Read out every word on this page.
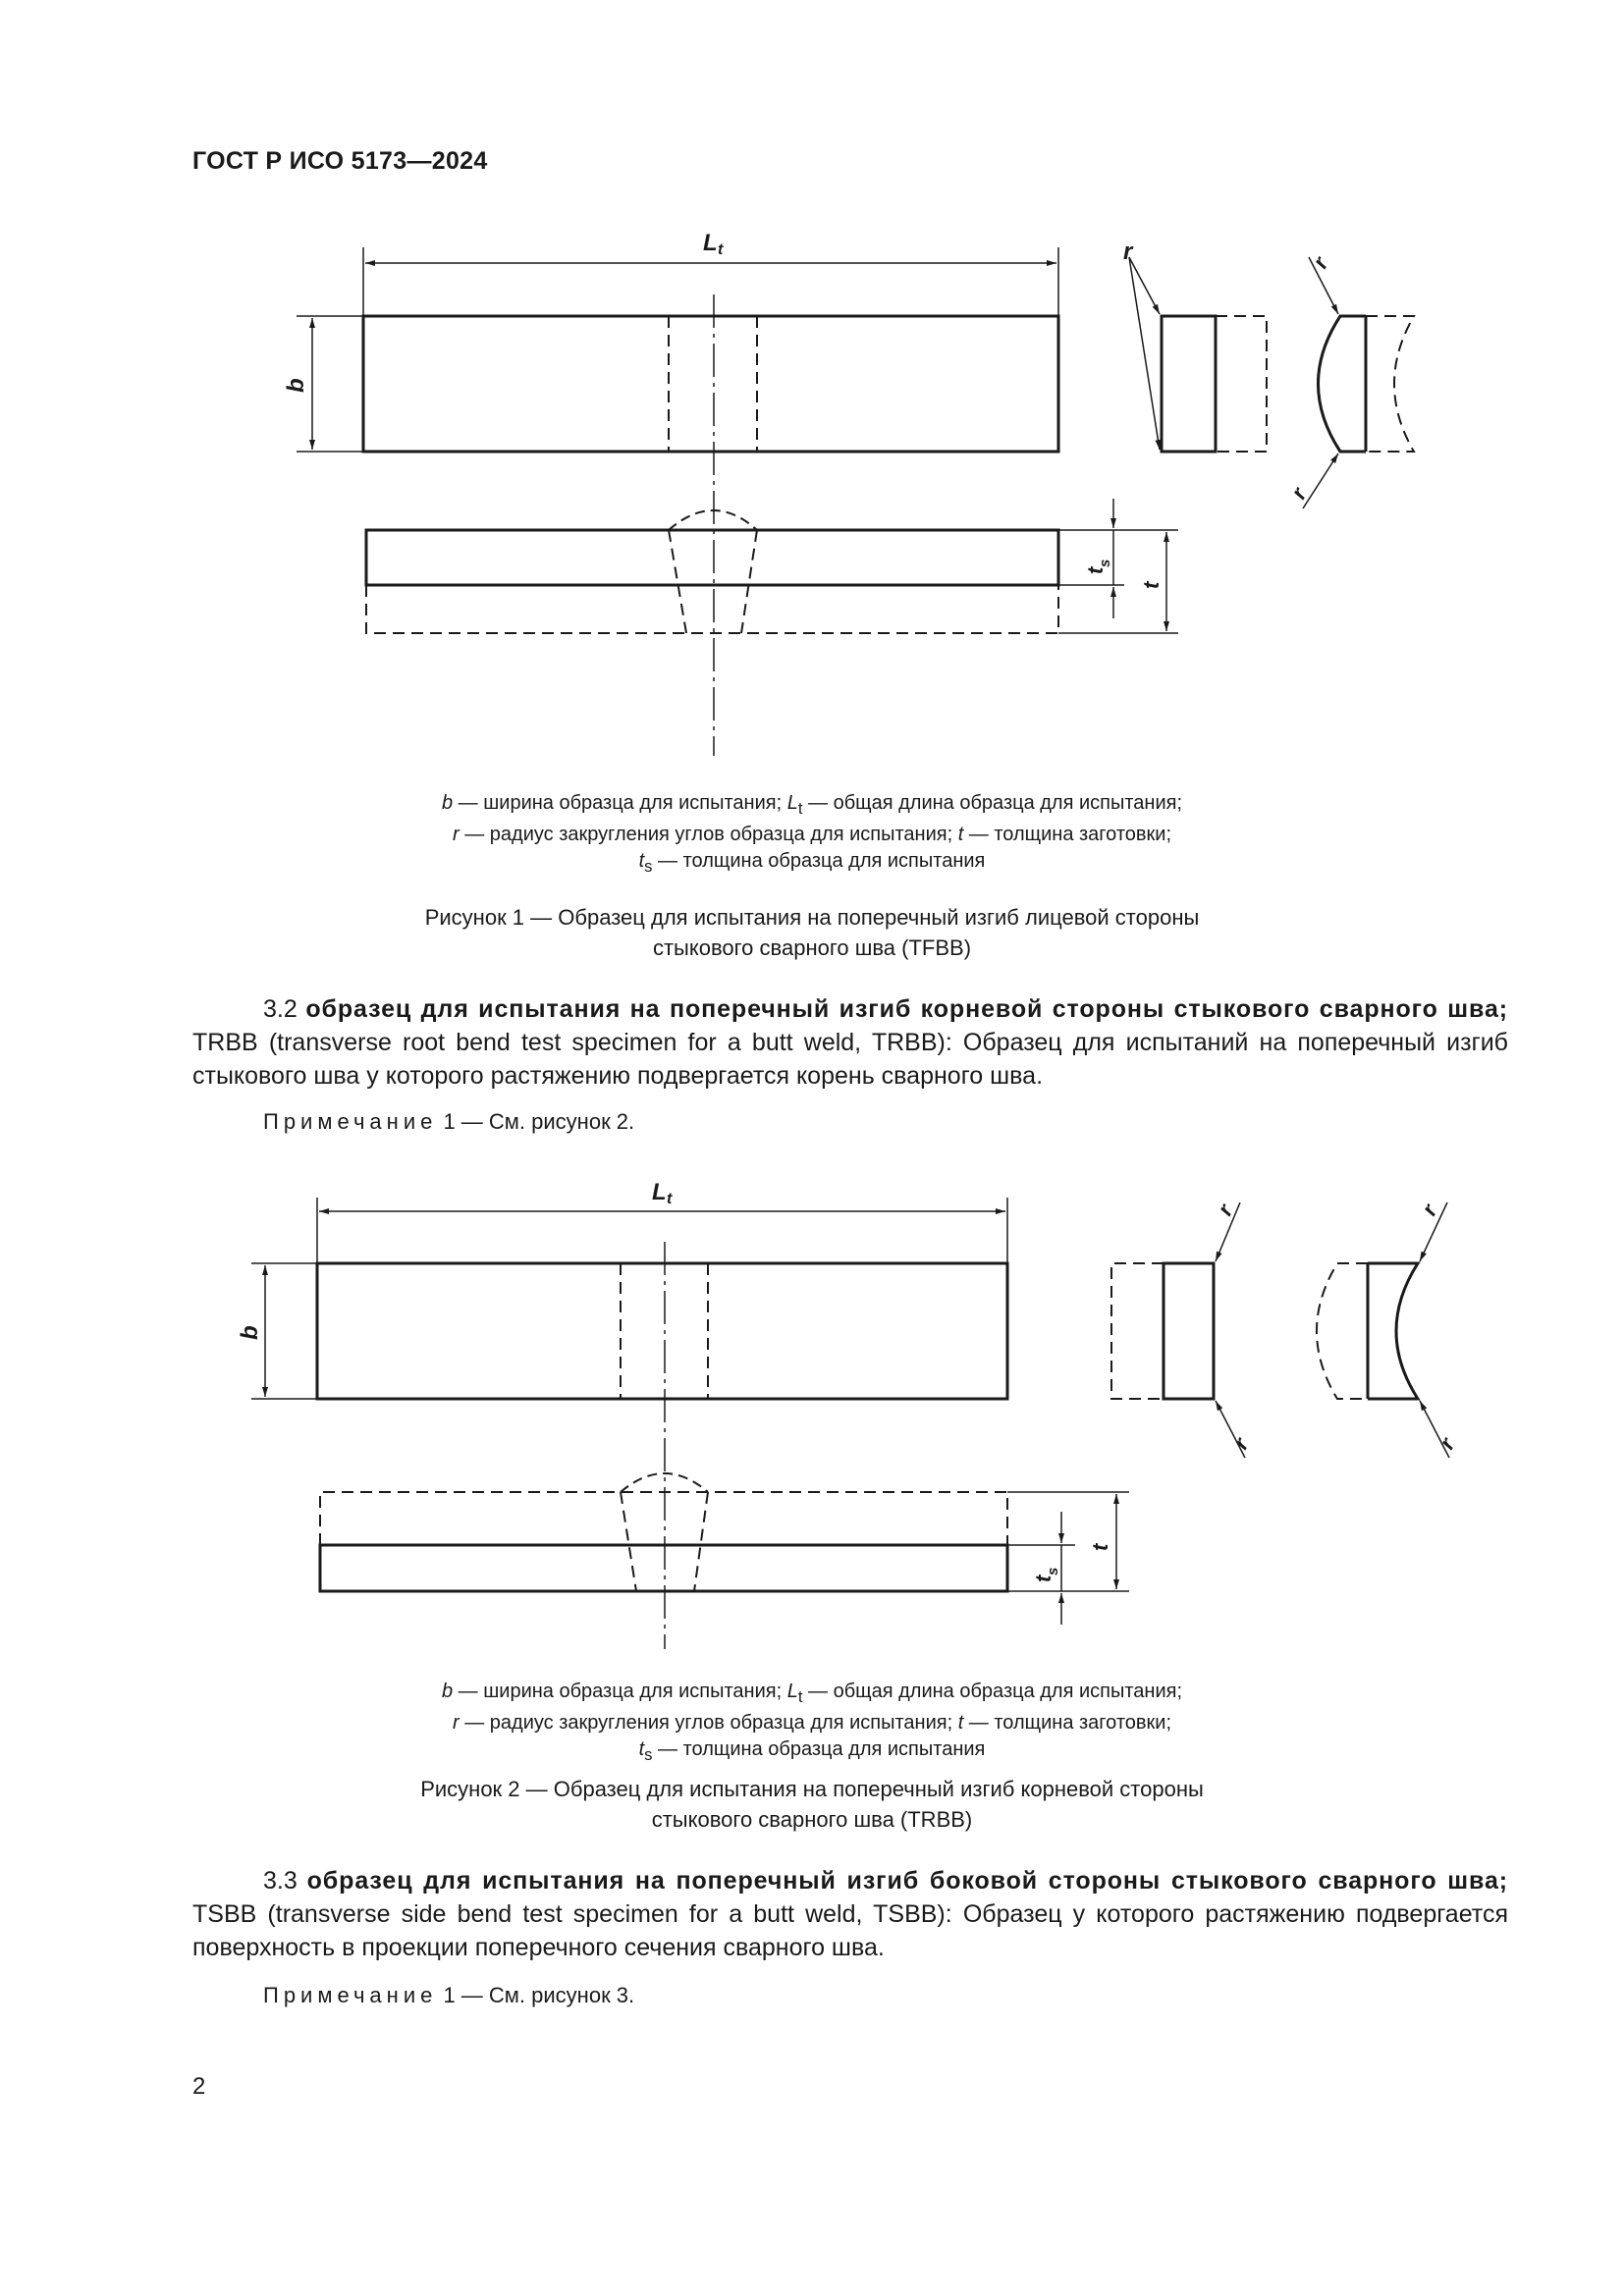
ГОСТ Р ИСО 5173—2024
L t
b
r	r
r
t
s
t
b — ширина образца для испытания; $L_t$ — общая длина образца для испытания;
r — радиус закругления углов образца для испытания; t — толщина заготовки;
$t_s$ — толщина образца для испытания
Рисунок 1 — Образец для испытания на поперечный изгиб лицевой стороны
стыкового сварного шва (TFBB)

3.2 образец для испытания на поперечный изгиб корневой стороны стыкового сварного шва; TRBB (transverse root bend test specimen for a butt weld, TRBB): Образец для испытаний на поперечный изгиб стыкового шва у которого растяжению подвергается корень сварного шва.

Примечание 1 — См. рисунок 2.
L t
b
r
r
r
r
t
s
t
b — ширина образца для испытания; $L_t$ — общая длина образца для испытания;
r — радиус закругления углов образца для испытания; t — толщина заготовки;
$t_s$ — толщина образца для испытания
Рисунок 2 — Образец для испытания на поперечный изгиб корневой стороны
стыкового сварного шва (TRBB)

3.3 образец для испытания на поперечный изгиб боковой стороны стыкового сварного шва; TSBB (transverse side bend test specimen for a butt weld, TSBB): Образец у которого растяжению подвергается поверхность в проекции поперечного сечения сварного шва.

Примечание 1 — См. рисунок 3.
2
